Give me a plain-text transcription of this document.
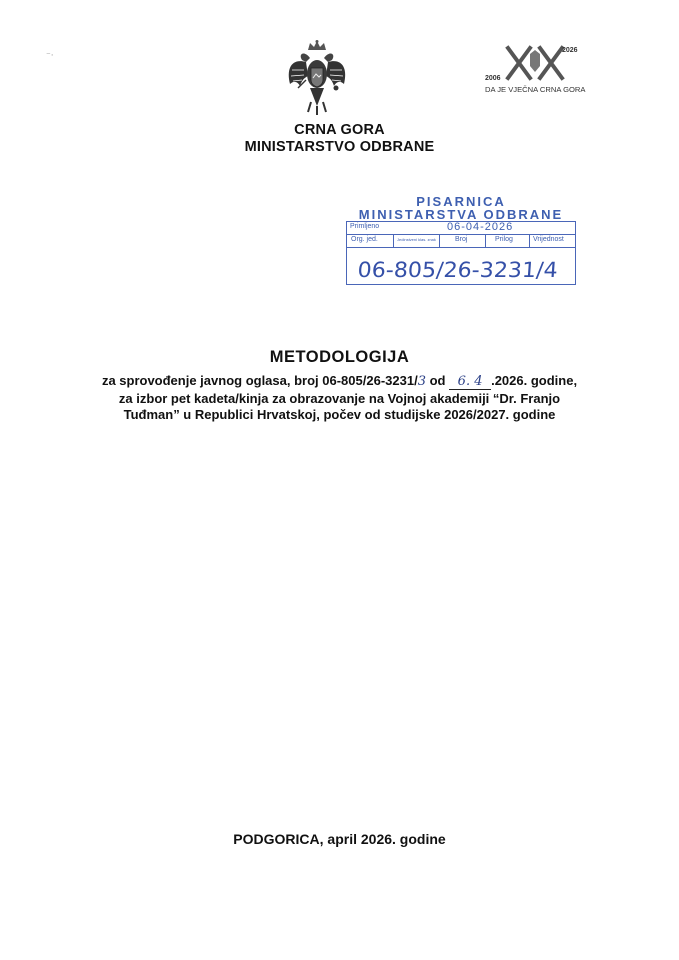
⁻⋅	2026
2006
DA JE VJEČNA CRNA GORA
CRNA GORA
MINISTARSTVO ODBRANE
PISARNICA
MINISTARSTVA ODBRANE
Primljeno	06-04-2026
Org. jed.	Jedinstveni klas. znak	Broj	Prilog	Vrijednost
06-805/26-3231/4
METODOLOGIJA
za sprovođenje javnog oglasa, broj 06-805/26-3231/3 od 6. 4 .2026. godine,
za izbor pet kadeta/kinja za obrazovanje na Vojnoj akademiji “Dr. Franjo
Tuđman” u Republici Hrvatskoj, počev od studijske 2026/2027. godine
PODGORICA, april 2026. godine
